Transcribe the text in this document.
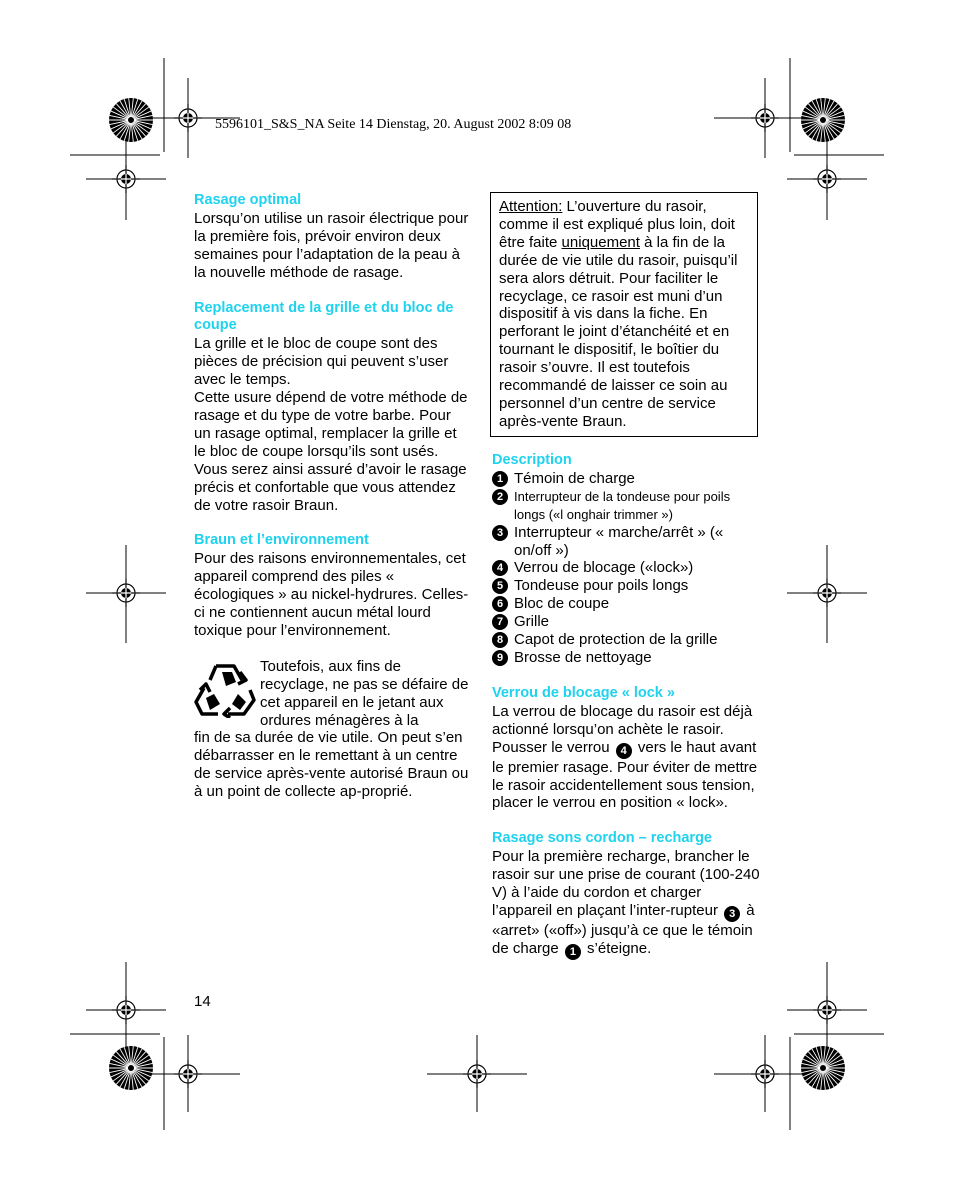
5596101_S&S_NA Seite 14 Dienstag, 20. August 2002 8:09 08

Rasage optimal

Lorsqu’on utilise un rasoir électrique pour la première fois, prévoir environ deux semaines pour l’adaptation de la peau à la nouvelle méthode de rasage.

Replacement de la grille et du bloc de coupe

La grille et le bloc de coupe sont des pièces de précision qui peuvent s’user avec le temps.

Cette usure dépend de votre méthode de rasage et du type de votre barbe. Pour un rasage optimal, remplacer la grille et le bloc de coupe lorsqu’ils sont usés. Vous serez ainsi assuré d’avoir le rasage précis et confortable que vous attendez de votre rasoir Braun.

Braun et l’environnement

Pour des raisons environnementales, cet appareil comprend des piles « écologiques » au nickel-hydrures. Celles-ci ne contiennent aucun métal lourd toxique pour l’environnement.

Toutefois, aux fins de recyclage, ne pas se défaire de cet appareil en le jetant aux ordures ménagères à la

fin de sa durée de vie utile. On peut s’en débarrasser en le remettant à un centre de service après-vente autorisé Braun ou à un point de collecte ap-proprié.

Attention: L’ouverture du rasoir, comme il est expliqué plus loin, doit être faite uniquement à la fin de la durée de vie utile du rasoir, puisqu’il sera alors détruit. Pour faciliter le recyclage, ce rasoir est muni d’un dispositif à vis dans la fiche. En perforant le joint d’étanchéité et en tournant le dispositif, le boîtier du rasoir s’ouvre. Il est toutefois recommandé de laisser ce soin au personnel d’un centre de service après-vente Braun.

Description

1 Témoin de charge
2 Interrupteur de la tondeuse pour poils longs («l onghair trimmer »)
3 Interrupteur « marche/arrêt » (« on/off »)
4 Verrou de blocage («lock»)
5 Tondeuse pour poils longs
6 Bloc de coupe
7 Grille
8 Capot de protection de la grille
9 Brosse de nettoyage

Verrou de blocage « lock »

La verrou de blocage du rasoir est déjà actionné lorsqu’on achète le rasoir. Pousser le verrou 4 vers le haut avant le premier rasage. Pour éviter de mettre le rasoir accidentellement sous tension, placer le verrou en position « lock».

Rasage sons cordon – recharge

Pour la première recharge, brancher le rasoir sur une prise de courant (100-240 V) à l’aide du cordon et charger l’appareil en plaçant l’inter-rupteur 3 à «arret» («off») jusqu’à ce que le témoin de charge 1 s’éteigne.

14
